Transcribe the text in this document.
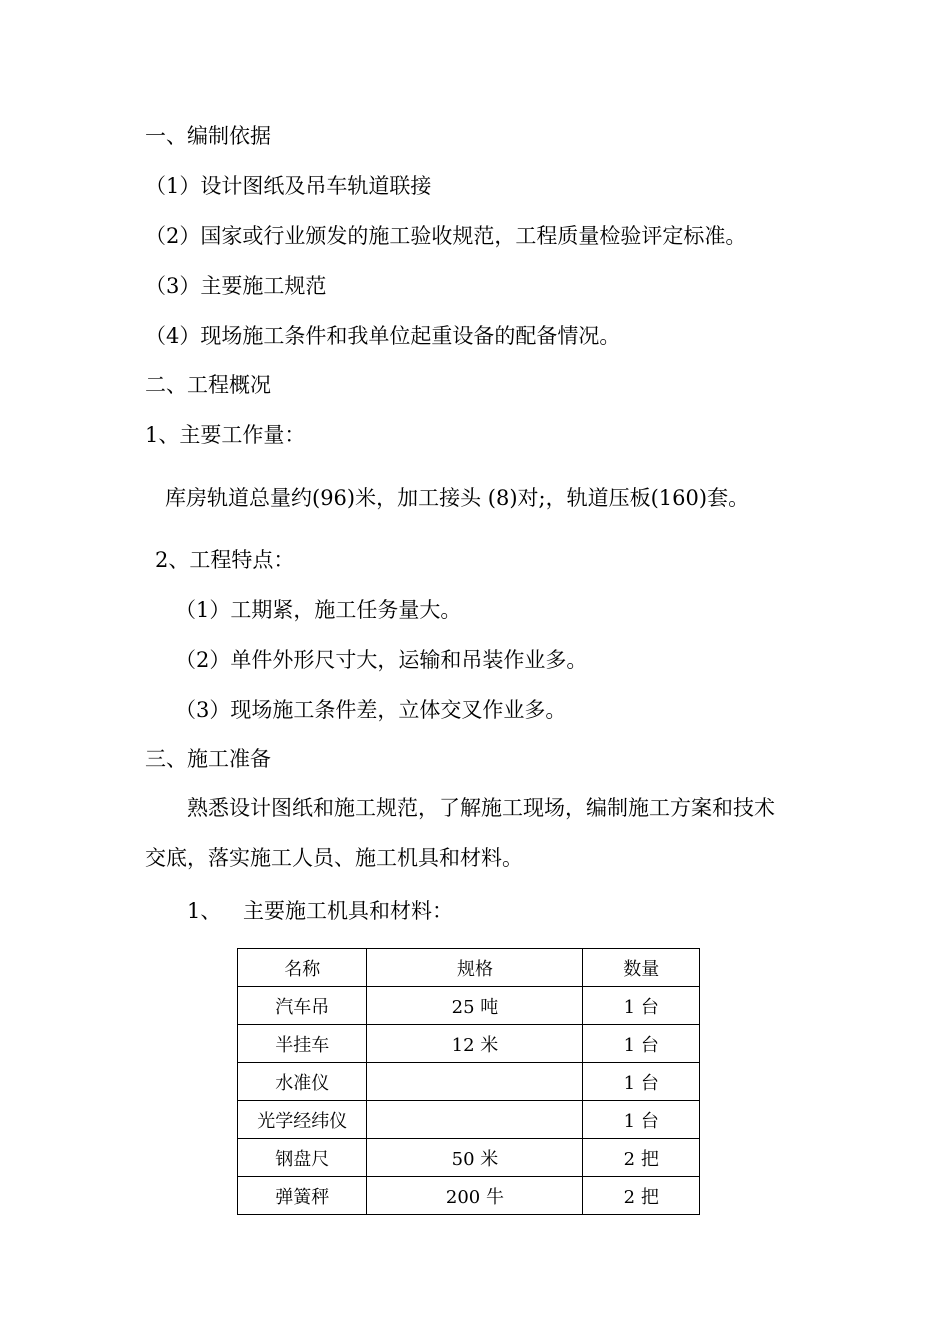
一、编制依据

（1）设计图纸及吊车轨道联接

（2）国家或行业颁发的施工验收规范，工程质量检验评定标准。

（3）主要施工规范

（4）现场施工条件和我单位起重设备的配备情况。

二、工程概况

1、主要工作量：

库房轨道总量约(96)米，加工接头 (8)对;，轨道压板(160)套。

2、工程特点：

（1）工期紧，施工任务量大。

（2）单件外形尺寸大，运输和吊装作业多。

（3）现场施工条件差，立体交叉作业多。

三、施工准备

熟悉设计图纸和施工规范，了解施工现场，编制施工方案和技术

交底，落实施工人员、施工机具和材料。

1、 主要施工机具和材料：

名称	规格	数量
汽车吊	25 吨	1 台
半挂车	12 米	1 台
水准仪		1 台
光学经纬仪		1 台
钢盘尺	50 米	2 把
弹簧秤	200 牛	2 把
